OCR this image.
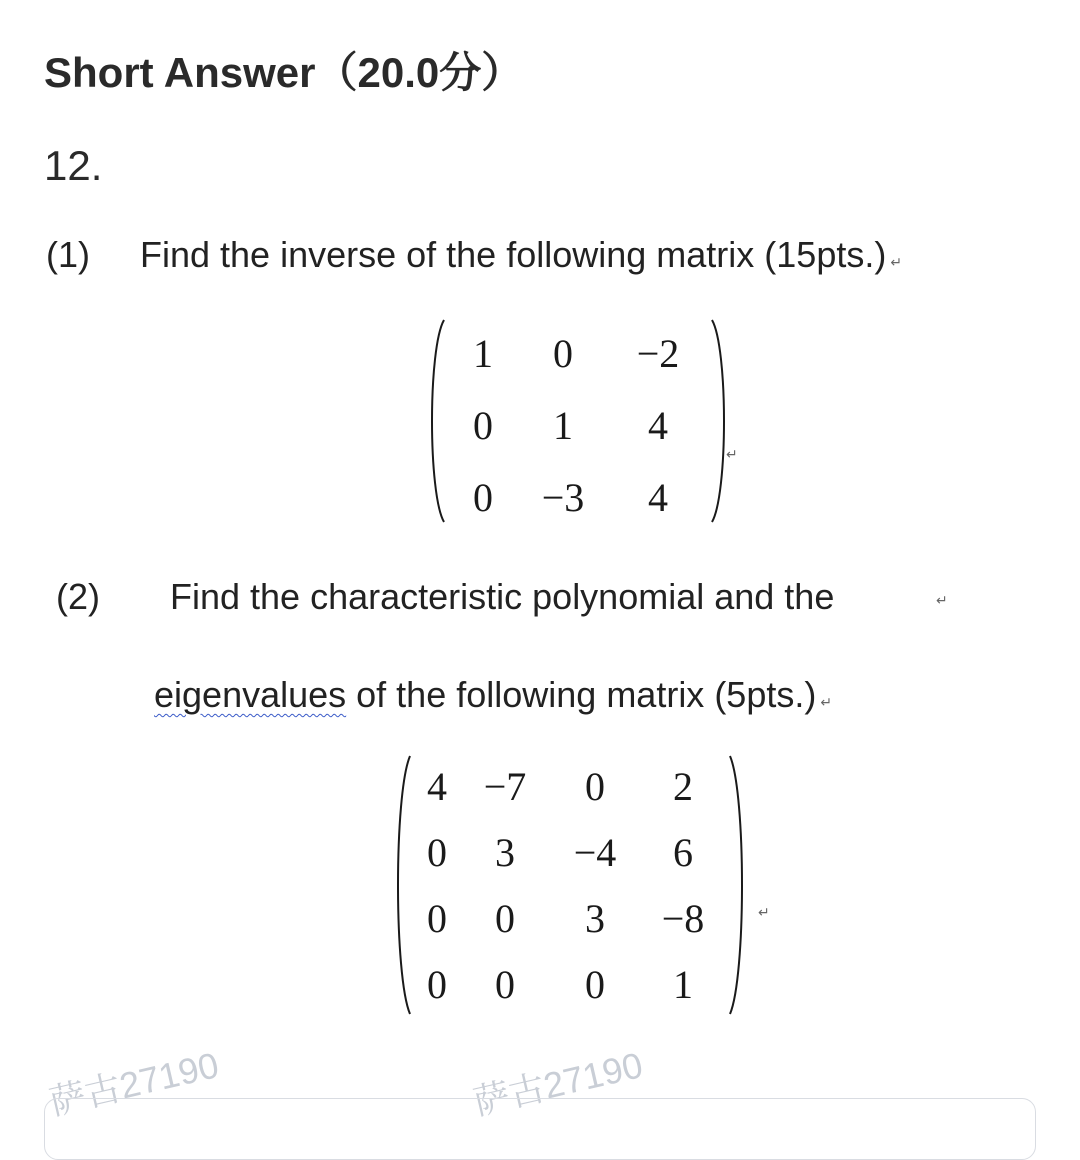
Short Answer（20.0分）
12.
(1) Find the inverse of the following matrix (15pts.) ↵
1 0 −2
0 1 4
0 −3 4
↵
(2) Find the characteristic polynomial and the	↵
eigenvalues of the following matrix (5pts.) ↵
4 −7 0 2
0 3 −4 6
0 0 3 −8
0 0 0 1
↵
萨古27190	萨古27190
